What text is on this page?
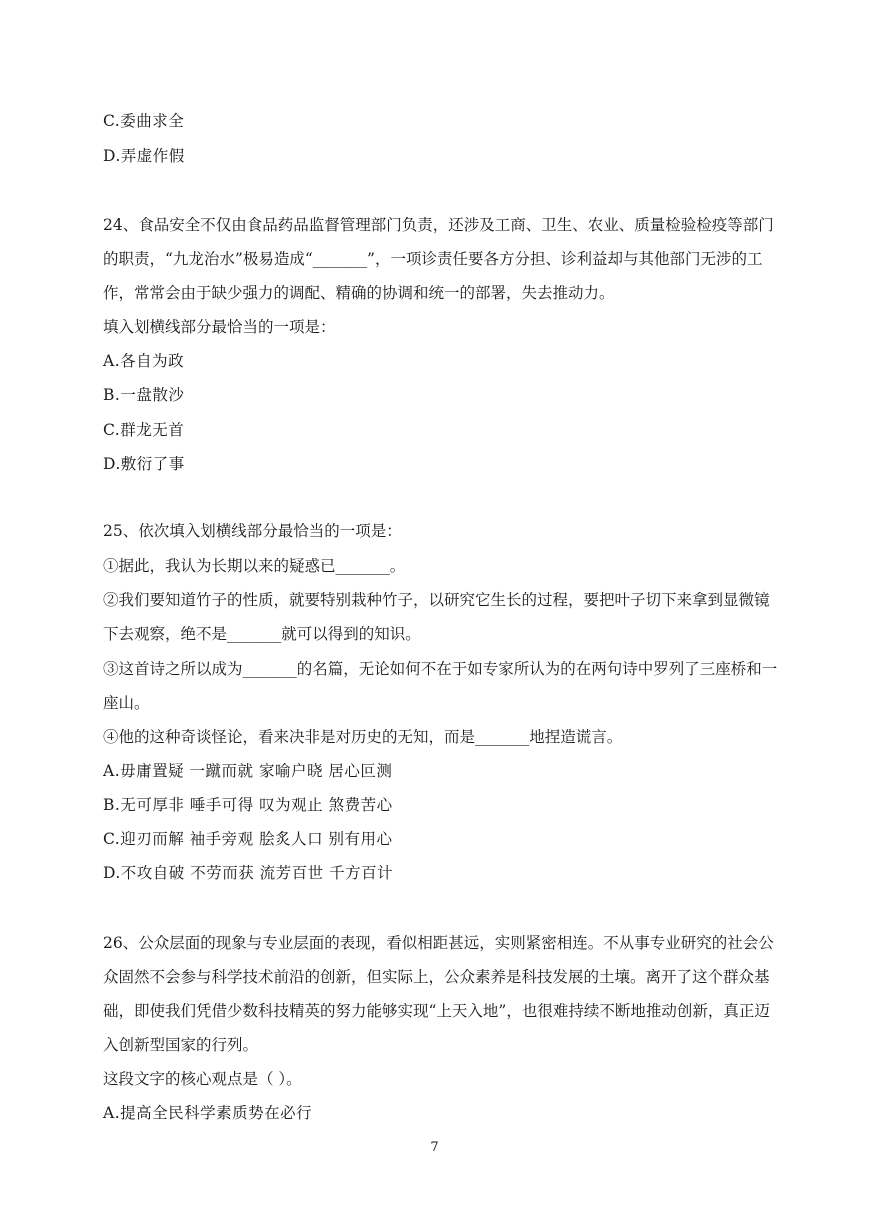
C.委曲求全
D.弄虚作假
24、食品安全不仅由食品药品监督管理部门负责，还涉及工商、卫生、农业、质量检验检疫等部门
的职责，“九龙治水”极易造成“_______”，一项诊责任要各方分担、诊利益却与其他部门无涉的工
作，常常会由于缺少强力的调配、精确的协调和统一的部署，失去推动力。
填入划横线部分最恰当的一项是：
A.各自为政
B.一盘散沙
C.群龙无首
D.敷衍了事
25、依次填入划横线部分最恰当的一项是：
①据此，我认为长期以来的疑惑已_______。
②我们要知道竹子的性质，就要特别栽种竹子，以研究它生长的过程，要把叶子切下来拿到显微镜
下去观察，绝不是_______就可以得到的知识。
③这首诗之所以成为_______的名篇，无论如何不在于如专家所认为的在两句诗中罗列了三座桥和一
座山。
④他的这种奇谈怪论，看来决非是对历史的无知，而是_______地捏造谎言。
A.毋庸置疑 一蹴而就 家喻户晓 居心叵测
B.无可厚非 唾手可得 叹为观止 煞费苦心
C.迎刃而解 袖手旁观 脍炙人口 别有用心
D.不攻自破 不劳而获 流芳百世 千方百计
26、公众层面的现象与专业层面的表现，看似相距甚远，实则紧密相连。不从事专业研究的社会公
众固然不会参与科学技术前沿的创新，但实际上，公众素养是科技发展的土壤。离开了这个群众基
础，即使我们凭借少数科技精英的努力能够实现“上天入地”，也很难持续不断地推动创新，真正迈
入创新型国家的行列。
这段文字的核心观点是（ ）。
A.提高全民科学素质势在必行
7
